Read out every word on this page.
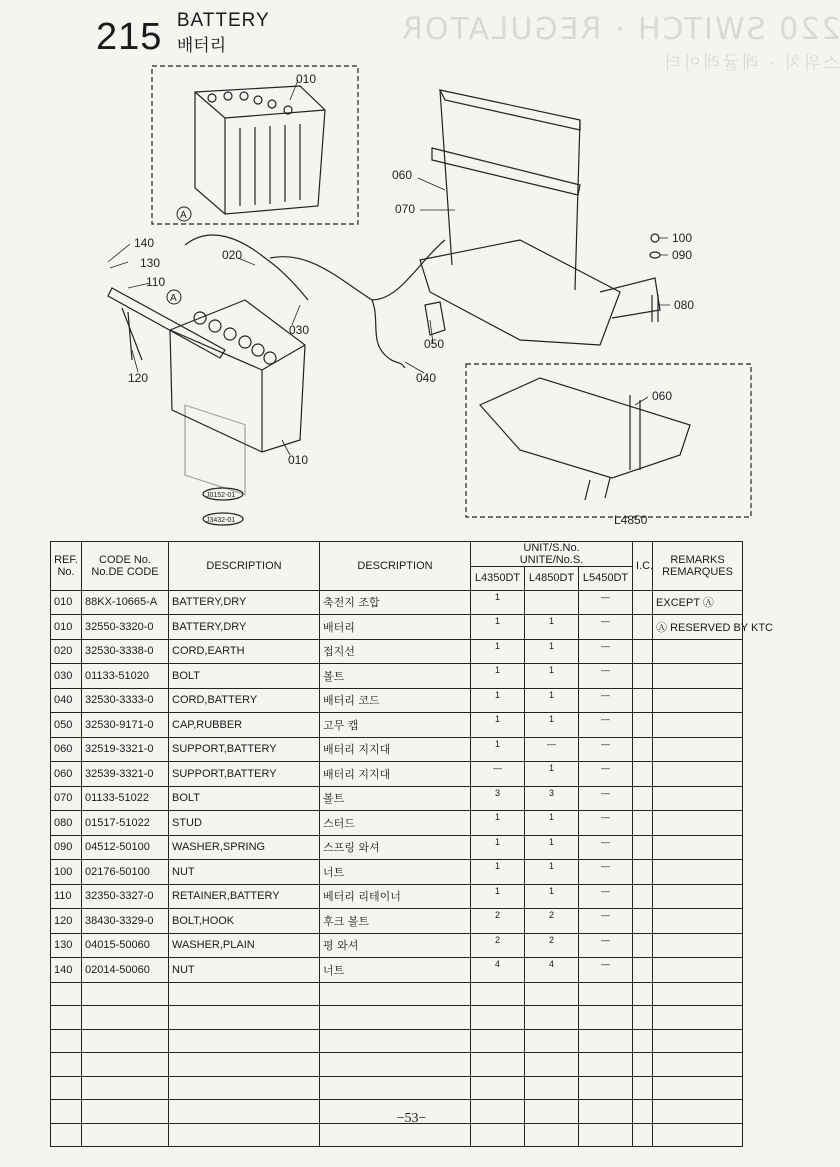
220 SWITCH · REGULATOR
스위치 · 레귤레이터
215 BATTERY
배터리
010
140
130
110
120
020
030
060
070
050
040
100
090
080
060
010
A
A
J0152-01
J3432-01	L4850
REF.
No.	CODE No.
No.DE CODE	DESCRIPTION	DESCRIPTION	UNIT/S.No.
UNITE/No.S.			I.C.	REMARKS
REMARQUES
				L4350DT	L4850DT	L5450DT		
010	88KX-10665-A	BATTERY,DRY	축전지 조합	1		—		EXCEPT Ⓐ
010	32550-3320-0	BATTERY,DRY	배터리	1	1	—		Ⓐ RESERVED BY KTC
020	32530-3338-0	CORD,EARTH	접지선	1	1	—		
030	01133-51020	BOLT	볼트	1	1	—		
040	32530-3333-0	CORD,BATTERY	배터리 코드	1	1	—		
050	32530-9171-0	CAP,RUBBER	고무 캡	1	1	—		
060	32519-3321-0	SUPPORT,BATTERY	배터리 지지대	1	—	—		
060	32539-3321-0	SUPPORT,BATTERY	배터리 지지대	—	1	—		
070	01133-51022	BOLT	볼트	3	3	—		
080	01517-51022	STUD	스터드	1	1	—		
090	04512-50100	WASHER,SPRING	스프링 와셔	1	1	—		
100	02176-50100	NUT	너트	1	1	—		
110	32350-3327-0	RETAINER,BATTERY	베터리 리테이너	1	1	—		
120	38430-3329-0	BOLT,HOOK	후크 볼트	2	2	—		
130	04015-50060	WASHER,PLAIN	평 와셔	2	2	—		
140	02014-50060	NUT	너트	4	4	—		

−53−
